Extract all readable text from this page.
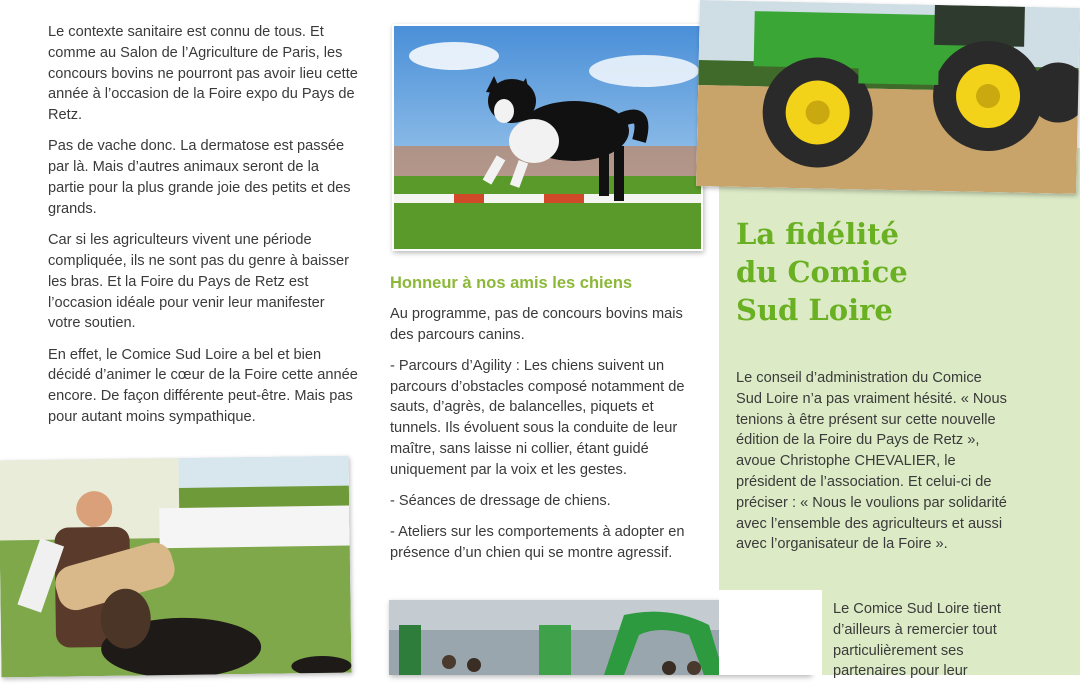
Le contexte sanitaire est connu de tous. Et comme au Salon de l’Agriculture de Paris, les concours bovins ne pourront pas avoir lieu cette année à l’occasion de la Foire expo du Pays de Retz.

Pas de vache donc. La dermatose est passée par là. Mais d’autres animaux seront de la partie pour la plus grande joie des petits et des grands.

Car si les agriculteurs vivent une période compliquée, ils ne sont pas du genre à baisser les bras. Et la Foire du Pays de Retz est l’occasion idéale pour venir leur manifester votre soutien.

En effet, le Comice Sud Loire a bel et bien décidé d’animer le cœur de la Foire cette année encore. De façon différente peut-être. Mais pas pour autant moins sympathique.

Honneur à nos amis les chiens

Au programme, pas de concours bovins mais des parcours canins.

- Parcours d’Agility : Les chiens suivent un parcours d’obstacles composé notamment de sauts, d’agrès, de balancelles, piquets et tunnels. Ils évoluent sous la conduite de leur maître, sans laisse ni collier, étant guidé uniquement par la voix et les gestes.

- Séances de dressage de chiens.

- Ateliers sur les comportements à adopter en présence d’un chien qui se montre agressif.

La fidélité
du Comice
Sud Loire

Le conseil d’administration du Comice Sud Loire n’a pas vraiment hésité. « Nous tenions à être présent sur cette nouvelle édition de la Foire du Pays de Retz », avoue Christophe CHEVALIER, le président de l’association. Et celui-ci de préciser : « Nous le voulions par solidarité avec l’ensemble des agriculteurs et aussi avec l’organisateur de la Foire ».

Le Comice Sud Loire tient d’ailleurs à remercier tout particulièrement ses partenaires pour leur
